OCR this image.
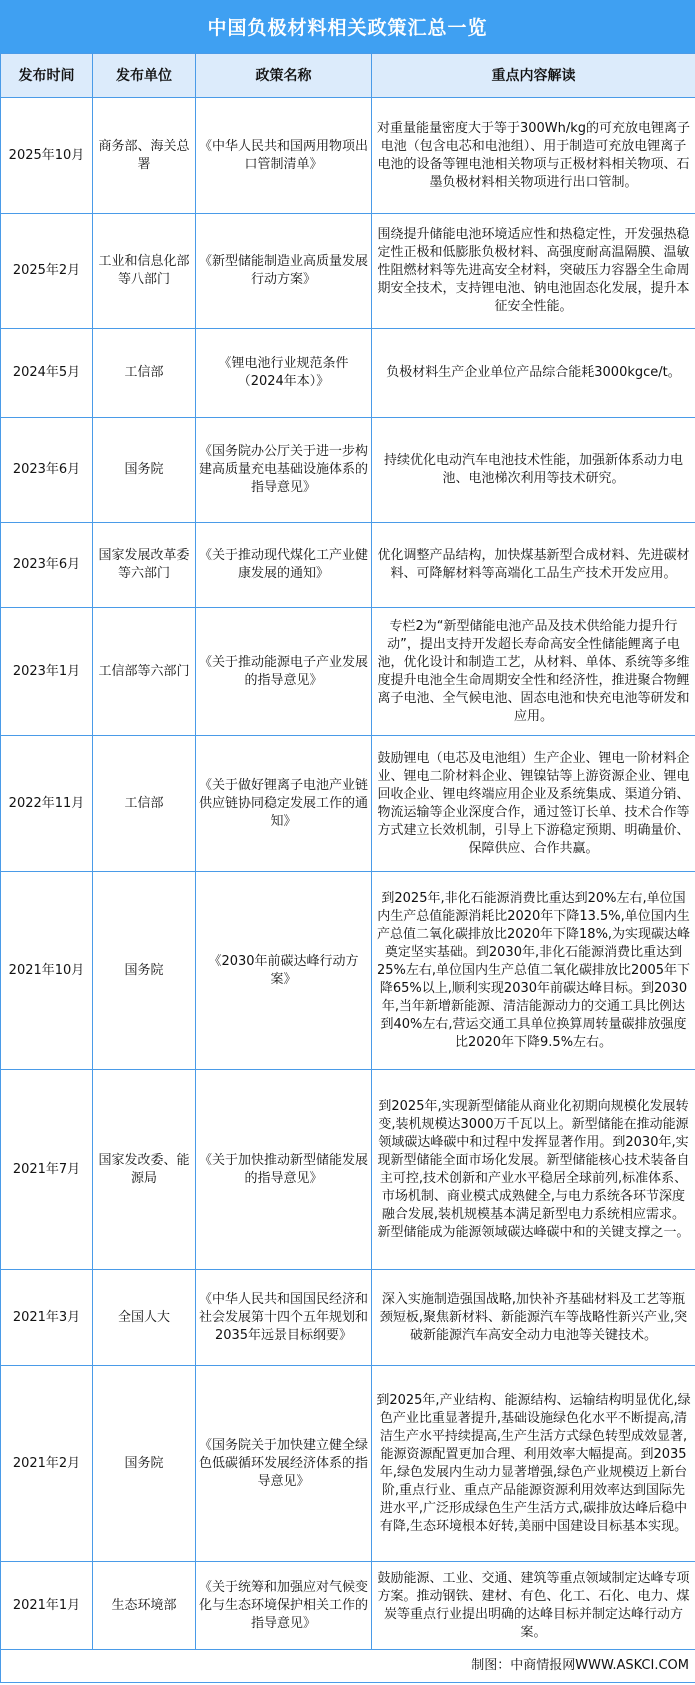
中国负极材料相关政策汇总一览
发布时间	发布单位	政策名称	重点内容解读
2025年10月	商务部、海关总署	《中华人民共和国两用物项出口管制清单》	对重量能量密度大于等于300Wh/kg的可充放电锂离子电池（包含电芯和电池组）、用于制造可充放电锂离子电池的设备等锂电池相关物项与正极材料相关物项、石墨负极材料相关物项进行出口管制。
2025年2月	工业和信息化部等八部门	《新型储能制造业高质量发展行动方案》	围绕提升储能电池环境适应性和热稳定性，开发强热稳定性正极和低膨胀负极材料、高强度耐高温隔膜、温敏性阻燃材料等先进高安全材料，突破压力容器全生命周期安全技术，支持锂电池、钠电池固态化发展，提升本征安全性能。
2024年5月	工信部	《锂电池行业规范条件（2024年本）》	负极材料生产企业单位产品综合能耗3000kgce/t。
2023年6月	国务院	《国务院办公厅关于进一步构建高质量充电基础设施体系的指导意见》	持续优化电动汽车电池技术性能，加强新体系动力电池、电池梯次利用等技术研究。
2023年6月	国家发展改革委等六部门	《关于推动现代煤化工产业健康发展的通知》	优化调整产品结构，加快煤基新型合成材料、先进碳材料、可降解材料等高端化工品生产技术开发应用。
2023年1月	工信部等六部门	《关于推动能源电子产业发展的指导意见》	专栏2为“新型储能电池产品及技术供给能力提升行动”，提出支持开发超长寿命高安全性储能鲤离子电池，优化设计和制造工艺，从材料、单体、系统等多维度提升电池全生命周期安全性和经济性，推进聚合物鲤离子电池、全气候电池、固态电池和快充电池等研发和应用。
2022年11月	工信部	《关于做好锂离子电池产业链供应链协同稳定发展工作的通知》	鼓励锂电（电芯及电池组）生产企业、锂电一阶材料企业、锂电二阶材料企业、锂镍钴等上游资源企业、锂电回收企业、锂电终端应用企业及系统集成、渠道分销、物流运输等企业深度合作，通过签订长单、技术合作等方式建立长效机制，引导上下游稳定预期、明确量价、保障供应、合作共赢。
2021年10月	国务院	《2030年前碳达峰行动方案》	到2025年,非化石能源消费比重达到20%左右,单位国内生产总值能源消耗比2020年下降13.5%,单位国内生产总值二氧化碳排放比2020年下降18%,为实现碳达峰奠定坚实基础。到2030年,非化石能源消费比重达到25%左右,单位国内生产总值二氧化碳排放比2005年下降65%以上,顺利实现2030年前碳达峰目标。到2030年,当年新增新能源、清洁能源动力的交通工具比例达到40%左右,营运交通工具单位换算周转量碳排放强度比2020年下降9.5%左右。
2021年7月	国家发改委、能源局	《关于加快推动新型储能发展的指导意见》	到2025年,实现新型储能从商业化初期向规模化发展转变,装机规模达3000万千瓦以上。新型储能在推动能源领域碳达峰碳中和过程中发挥显著作用。到2030年,实现新型储能全面市场化发展。新型储能核心技术装备自主可控,技术创新和产业水平稳居全球前列,标准体系、市场机制、商业模式成熟健全,与电力系统各环节深度融合发展,装机规模基本满足新型电力系统相应需求。新型储能成为能源领域碳达峰碳中和的关键支撑之一。
2021年3月	全国人大	《中华人民共和国国民经济和社会发展第十四个五年规划和2035年远景目标纲要》	深入实施制造强国战略,加快补齐基础材料及工艺等瓶颈短板,聚焦新材料、新能源汽车等战略性新兴产业,突破新能源汽车高安全动力电池等关键技术。
2021年2月	国务院	《国务院关于加快建立健全绿色低碳循环发展经济体系的指导意见》	到2025年,产业结构、能源结构、运输结构明显优化,绿色产业比重显著提升,基础设施绿色化水平不断提高,清洁生产水平持续提高,生产生活方式绿色转型成效显著,能源资源配置更加合理、利用效率大幅提高。到2035年,绿色发展内生动力显著增强,绿色产业规模迈上新台阶,重点行业、重点产品能源资源利用效率达到国际先进水平,广泛形成绿色生产生活方式,碳排放达峰后稳中有降,生态环境根本好转,美丽中国建设目标基本实现。
2021年1月	生态环境部	《关于统筹和加强应对气候变化与生态环境保护相关工作的指导意见》	鼓励能源、工业、交通、建筑等重点领域制定达峰专项方案。推动钢铁、建材、有色、化工、石化、电力、煤炭等重点行业提出明确的达峰目标并制定达峰行动方案。
制图：中商情报网WWW.ASKCI.COM			
